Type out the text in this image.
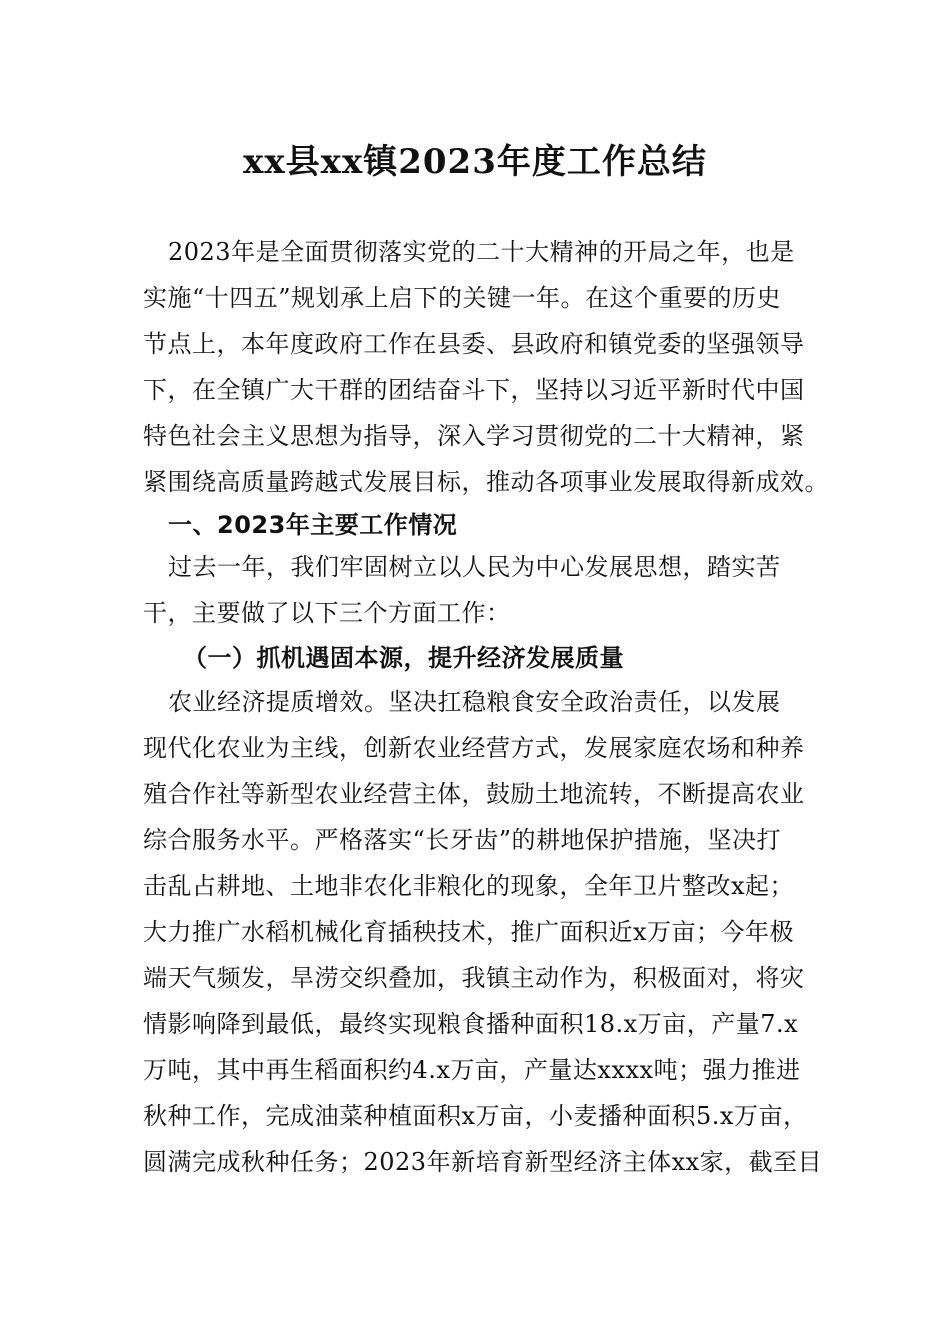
xx县xx镇2023年度工作总结
2023年是全面贯彻落实党的二十大精神的开局之年，也是
实施“十四五”规划承上启下的关键一年。在这个重要的历史
节点上，本年度政府工作在县委、县政府和镇党委的坚强领导
下，在全镇广大干群的团结奋斗下，坚持以习近平新时代中国
特色社会主义思想为指导，深入学习贯彻党的二十大精神，紧
紧围绕高质量跨越式发展目标，推动各项事业发展取得新成效。
一、2023年主要工作情况
过去一年，我们牢固树立以人民为中心发展思想，踏实苦
干，主要做了以下三个方面工作：
（一）抓机遇固本源，提升经济发展质量
农业经济提质增效。坚决扛稳粮食安全政治责任，以发展
现代化农业为主线，创新农业经营方式，发展家庭农场和种养
殖合作社等新型农业经营主体，鼓励土地流转，不断提高农业
综合服务水平。严格落实“长牙齿”的耕地保护措施，坚决打
击乱占耕地、土地非农化非粮化的现象，全年卫片整改x起；
大力推广水稻机械化育插秧技术，推广面积近x万亩；今年极
端天气频发，旱涝交织叠加，我镇主动作为，积极面对，将灾
情影响降到最低，最终实现粮食播种面积18.x万亩，产量7.x
万吨，其中再生稻面积约4.x万亩，产量达xxxx吨；强力推进
秋种工作，完成油菜种植面积x万亩，小麦播种面积5.x万亩，
圆满完成秋种任务；2023年新培育新型经济主体xx家，截至目
